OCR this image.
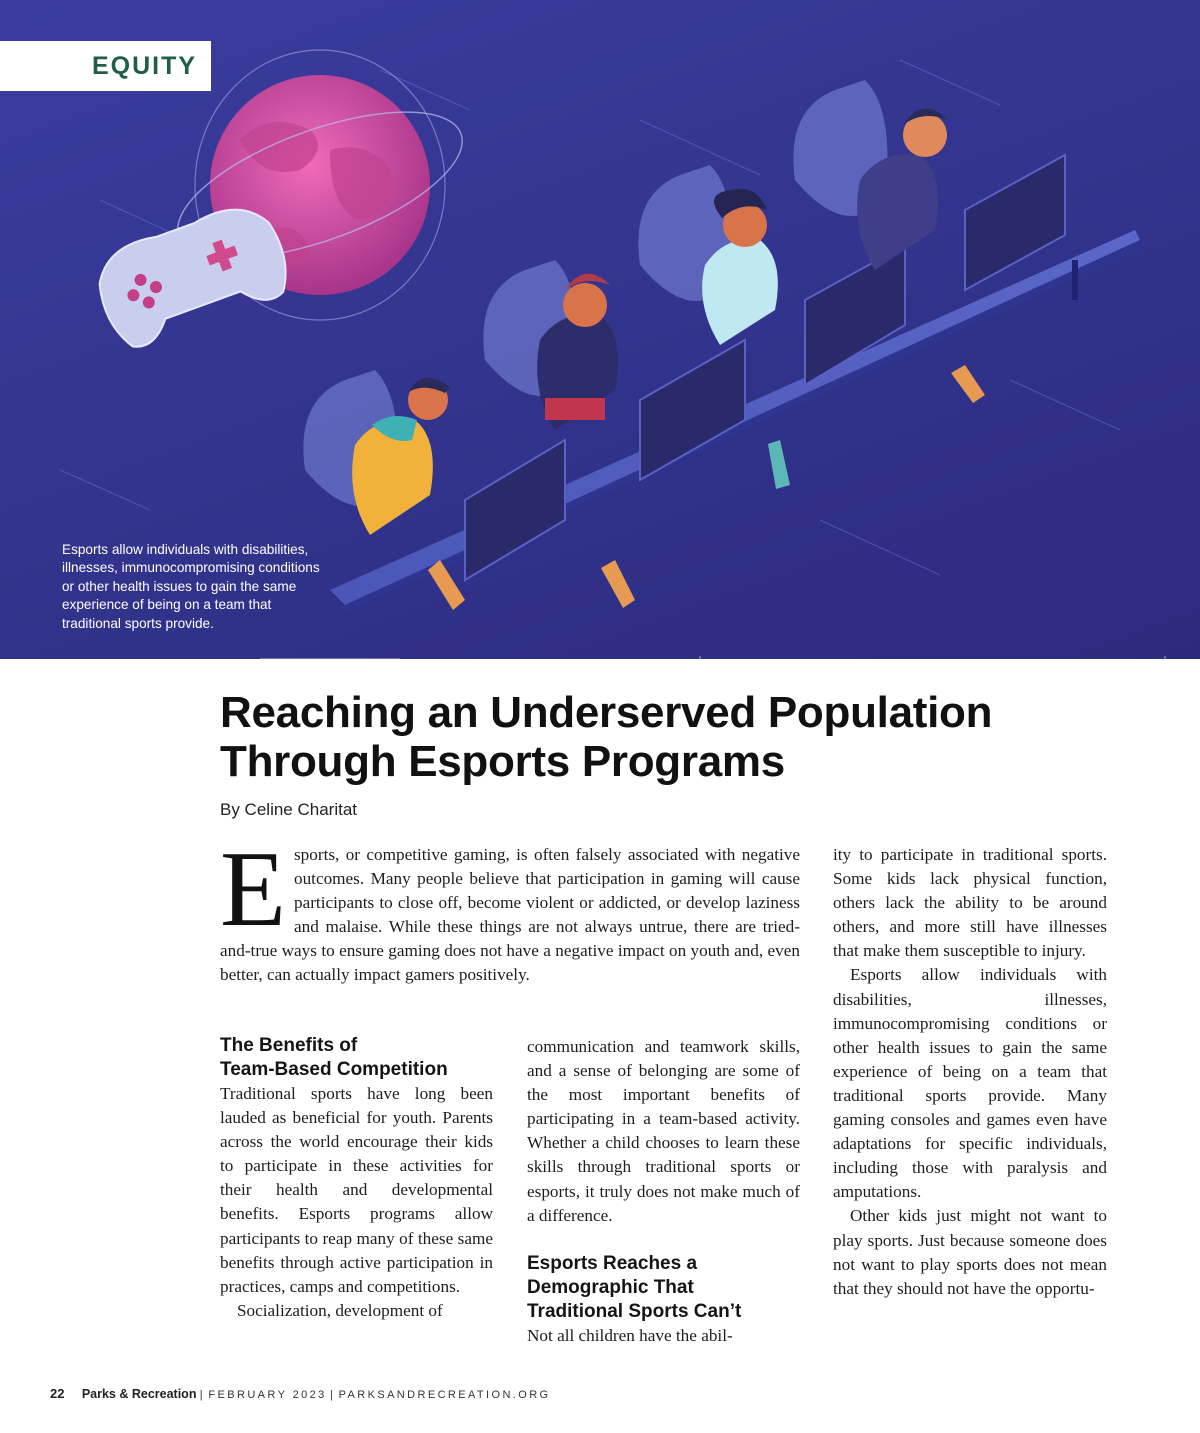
EQUITY
Esports allow individuals with disabilities, illnesses, immunocompromising conditions or other health issues to gain the same experience of being on a team that traditional sports provide.
Reaching an Underserved Population Through Esports Programs
By Celine Charitat
E sports, or competitive gaming, is often falsely associated with negative outcomes. Many people believe that participation in gaming will cause participants to close off, become violent or addicted, or develop laziness and malaise. While these things are not always untrue, there are tried-and-true ways to ensure gaming does not have a negative impact on youth and, even better, can actually impact gamers positively.
The Benefits of
Team-Based Competition

Traditional sports have long been lauded as beneficial for youth. Parents across the world encourage their kids to participate in these activities for their health and developmental benefits. Esports programs allow participants to reap many of these same benefits through active participation in practices, camps and competitions.

Socialization, development of

communication and teamwork skills, and a sense of belonging are some of the most important benefits of participating in a team-based activity. Whether a child chooses to learn these skills through traditional sports or esports, it truly does not make much of a difference.

Esports Reaches a
Demographic That
Traditional Sports Can’t

Not all children have the abil-

ity to participate in traditional sports. Some kids lack physical function, others lack the ability to be around others, and more still have illnesses that make them susceptible to injury.

Esports allow individuals with disabilities, illnesses, immunocompromising conditions or other health issues to gain the same experience of being on a team that traditional sports provide. Many gaming consoles and games even have adaptations for specific individuals, including those with paralysis and amputations.

Other kids just might not want to play sports. Just because someone does not want to play sports does not mean that they should not have the opportu-

22 Parks & Recreation | FEBRUARY 2023 | PARKSANDRECREATION.ORG
